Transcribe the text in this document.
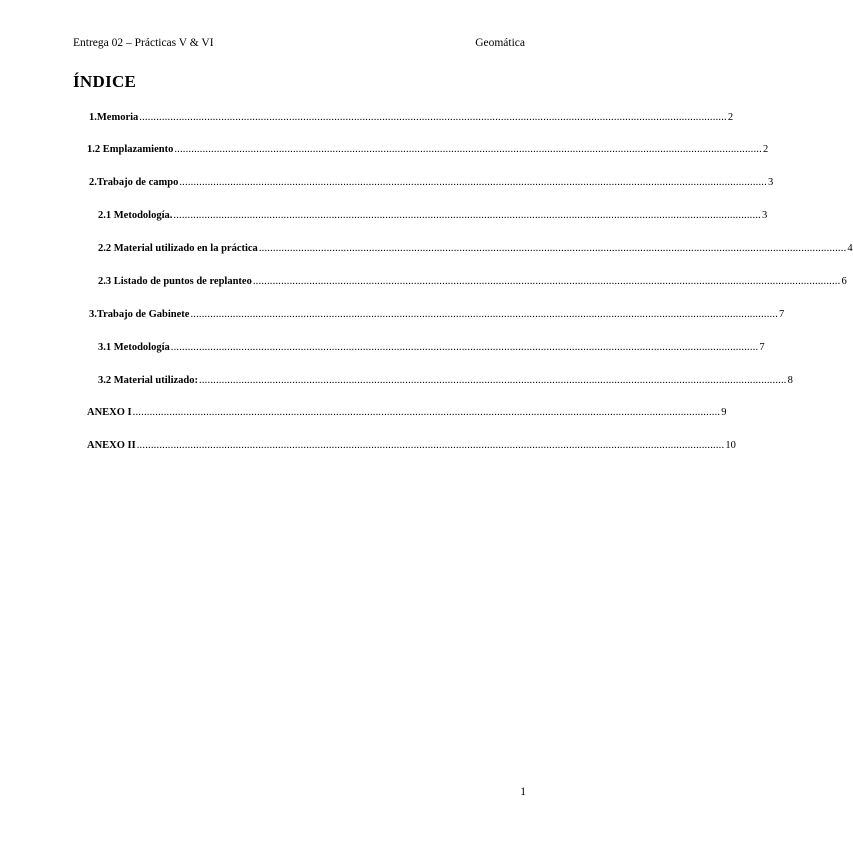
Entrega 02 – Prácticas V & VI	Geomática
ÍNDICE
1. Memoria ................................................................................................................................................................................................................ 2
1.2 Emplazamiento ................................................................................................................................................................................................................ 2
2. Trabajo de campo ................................................................................................................................................................................................................ 3
2.1 Metodología. ................................................................................................................................................................................................................ 3
2.2 Material utilizado en la práctica ................................................................................................................................................................................................................ 4
2.3 Listado de puntos de replanteo ................................................................................................................................................................................................................ 6
3. Trabajo de Gabinete ................................................................................................................................................................................................................ 7
3.1 Metodología ................................................................................................................................................................................................................ 7
3.2 Material utilizado: ................................................................................................................................................................................................................ 8
ANEXO I ................................................................................................................................................................................................................ 9
ANEXO II ................................................................................................................................................................................................................ 10
1
